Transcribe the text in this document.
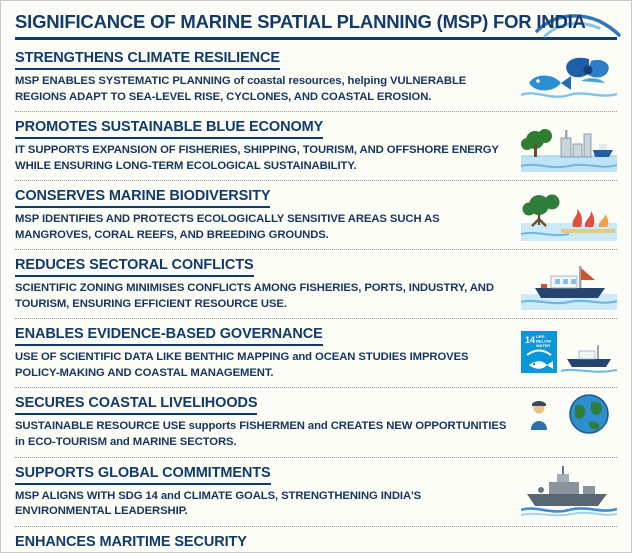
SIGNIFICANCE OF MARINE SPATIAL PLANNING (MSP) FOR INDIA
STRENGTHENS CLIMATE RESILIENCE
MSP ENABLES SYSTEMATIC PLANNING of coastal resources, helping VULNERABLE REGIONS ADAPT TO SEA-LEVEL RISE, CYCLONES, AND COASTAL EROSION.
PROMOTES SUSTAINABLE BLUE ECONOMY
IT SUPPORTS EXPANSION OF FISHERIES, SHIPPING, TOURISM, AND OFFSHORE ENERGY WHILE ENSURING LONG-TERM ECOLOGICAL SUSTAINABILITY.
CONSERVES MARINE BIODIVERSITY
MSP IDENTIFIES AND PROTECTS ECOLOGICALLY SENSITIVE AREAS SUCH AS MANGROVES, CORAL REEFS, AND BREEDING GROUNDS.
REDUCES SECTORAL CONFLICTS
SCIENTIFIC ZONING MINIMISES CONFLICTS AMONG FISHERIES, PORTS, INDUSTRY, AND TOURISM, ENSURING EFFICIENT RESOURCE USE.
ENABLES EVIDENCE-BASED GOVERNANCE
USE OF SCIENTIFIC DATA LIKE BENTHIC MAPPING and OCEAN STUDIES IMPROVES POLICY-MAKING AND COASTAL MANAGEMENT.
14 LIFE
BELOW
WATER
SECURES COASTAL LIVELIHOODS
SUSTAINABLE RESOURCE USE supports FISHERMEN and CREATES NEW OPPORTUNITIES in ECO-TOURISM and MARINE SECTORS.
SUPPORTS GLOBAL COMMITMENTS
MSP ALIGNS WITH SDG 14 and CLIMATE GOALS, STRENGTHENING INDIA'S ENVIRONMENTAL LEADERSHIP.
ENHANCES MARITIME SECURITY
